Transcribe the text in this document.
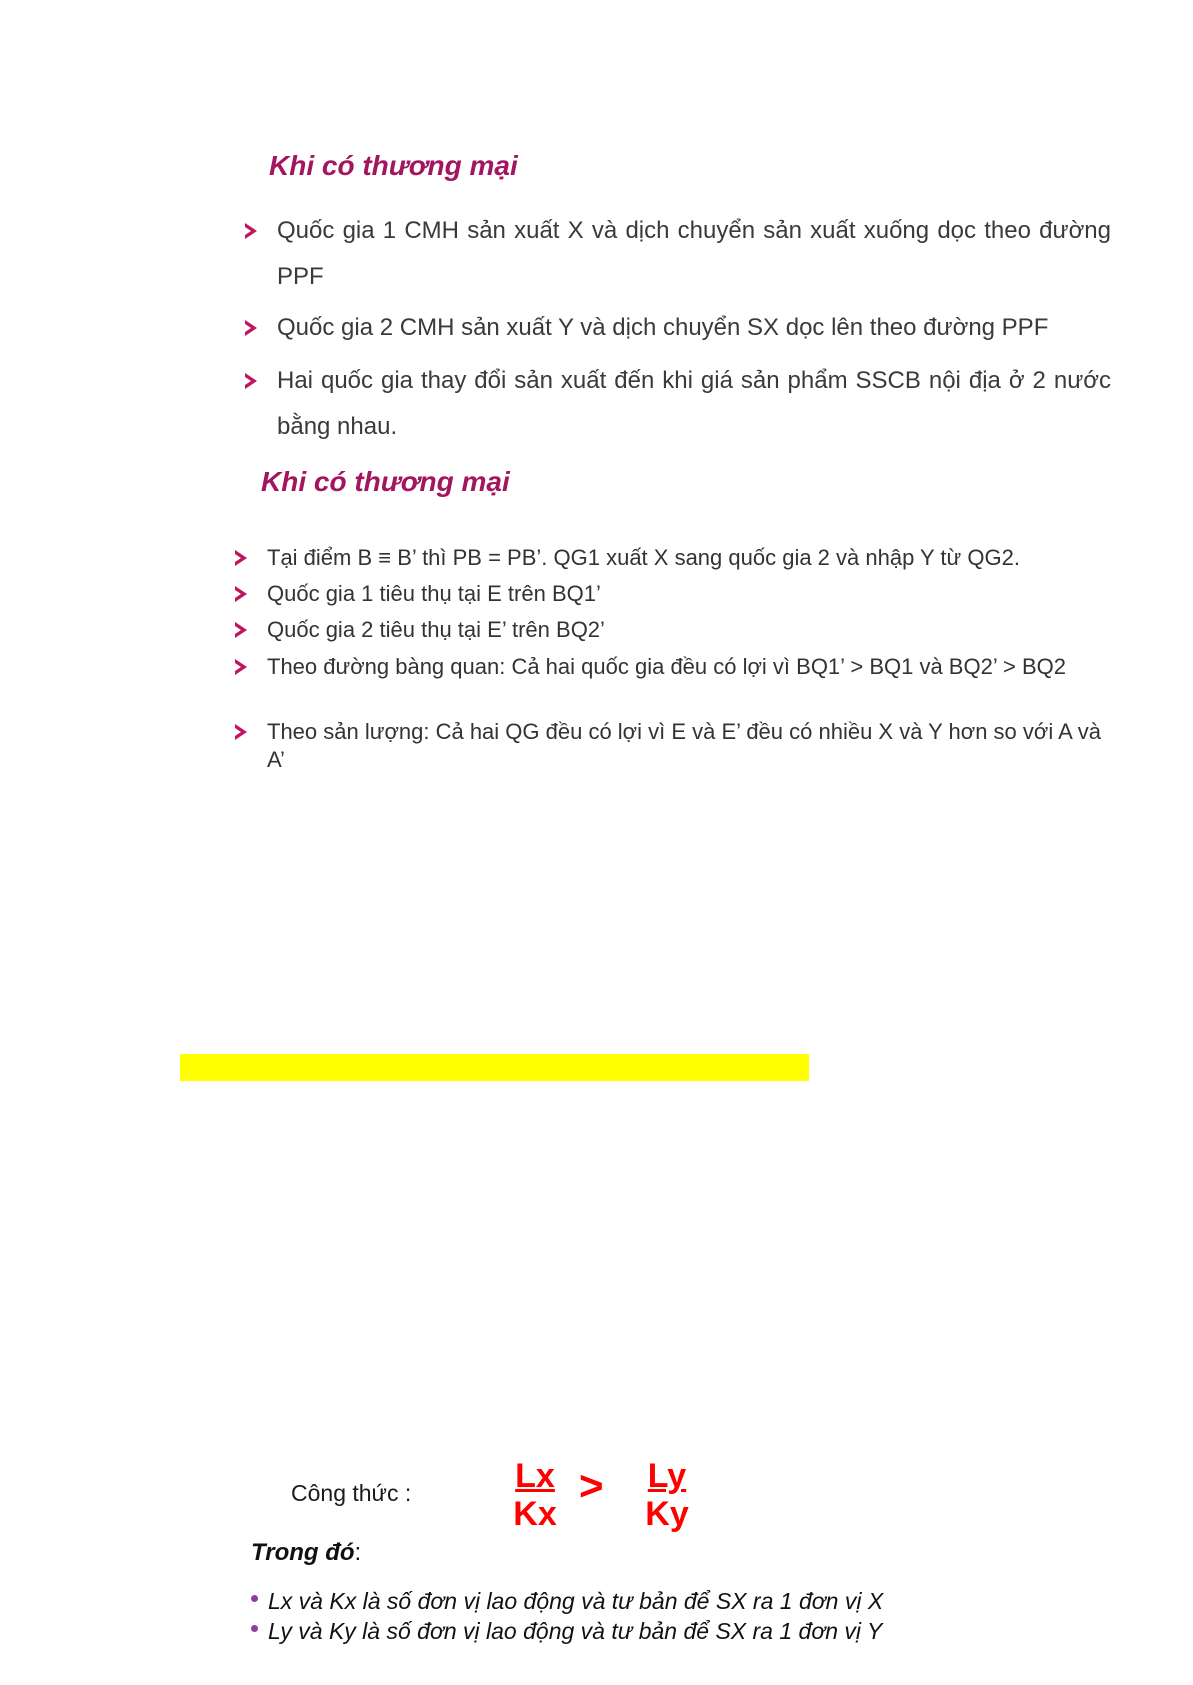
Khi có thương mại
Quốc gia 1 CMH sản xuất X và dịch chuyển sản xuất xuống dọc theo đường PPF
Quốc gia 2 CMH sản xuất Y và dịch chuyển SX dọc lên theo đường PPF
Hai quốc gia thay đổi sản xuất đến khi giá sản phẩm SSCB nội địa ở 2 nước bằng nhau.
Khi có thương mại
Tại điểm B ≡ B’ thì PB = PB’. QG1 xuất X sang quốc gia 2 và nhập Y từ QG2.
Quốc gia 1 tiêu thụ tại E trên BQ1’
Quốc gia 2 tiêu thụ tại E’ trên BQ2’
Theo đường bàng quan: Cả hai quốc gia đều có lợi vì BQ1’ > BQ1 và BQ2’ > BQ2
Theo sản lượng: Cả hai QG đều có lợi vì E và E’ đều có nhiều X và Y hơn so với A và A’
Công thức :	$\frac{Lx}{Kx} > \frac{Ly}{Ky}$
Trong đó:
Lx và Kx là số đơn vị lao động và tư bản để SX ra 1 đơn vị X
Ly và Ky là số đơn vị lao động và tư bản để SX ra 1 đơn vị Y
